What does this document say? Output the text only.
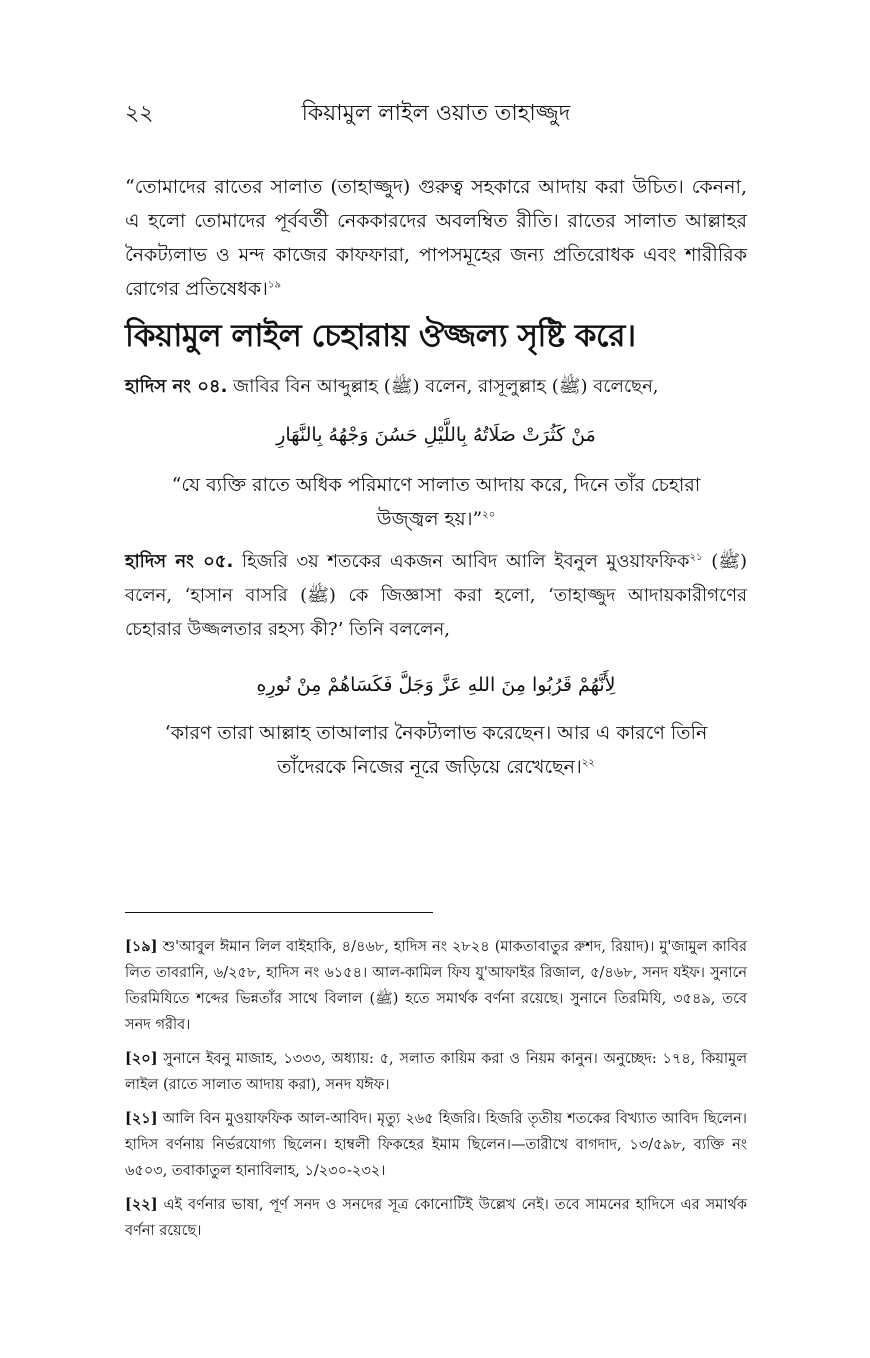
২২	কিয়ামুল লাইল ওয়াত তাহাজ্জুদ

“তোমাদের রাতের সালাত (তাহাজ্জুদ) গুরুত্ব সহকারে আদায় করা উচিত। কেননা, এ হলো তোমাদের পূর্ববর্তী নেককারদের অবলম্বিত রীতি। রাতের সালাত আল্লাহর নৈকট্যলাভ ও মন্দ কাজের কাফফারা, পাপসমূহের জন্য প্রতিরোধক এবং শারীরিক রোগের প্রতিষেধক।$^{১৯}$

কিয়ামুল লাইল চেহারায় ঔজ্জল্য সৃষ্টি করে।

হাদিস নং ০৪. জাবির বিন আব্দুল্লাহ (ﷺ) বলেন, রাসূলুল্লাহ (ﷺ) বলেছেন,

مَنْ كَثُرَتْ صَلَاتُهُ بِاللَّيْلِ حَسُنَ وَجْهُهُ بِالنَّهَارِ

“যে ব্যক্তি রাতে অধিক পরিমাণে সালাত আদায় করে, দিনে তাঁর চেহারা উজ্জ্বল হয়।”$^{২০}$

হাদিস নং ০৫. হিজরি ৩য় শতকের একজন আবিদ আলি ইবনুল মুওয়াফফিক$^{২১}$ (ﷺ) বলেন, ‘হাসান বাসরি (ﷺ) কে জিজ্ঞাসা করা হলো, ‘তাহাজ্জুদ আদায়কারীগণের চেহারার উজ্জলতার রহস্য কী?’ তিনি বললেন,

لِأَنَّهُمْ قَرُبُوا مِنَ اللهِ عَزَّ وَجَلَّ فَكَسَاهُمْ مِنْ نُورِهِ

‘কারণ তারা আল্লাহ তাআলার নৈকট্যলাভ করেছেন। আর এ কারণে তিনি তাঁদেরকে নিজের নূরে জড়িয়ে রেখেছেন।$^{২২}$

[১৯] শু'আবুল ঈমান লিল বাইহাকি, ৪/৪৬৮, হাদিস নং ২৮২৪ (মাকতাবাতুর রুশদ, রিয়াদ)। মু'জামুল কাবির লিত তাবরানি, ৬/২৫৮, হাদিস নং ৬১৫৪। আল-কামিল ফিয যু'আফাইর রিজাল, ৫/৪৬৮, সনদ যইফ। সুনানে তিরমিযিতে শব্দের ভিন্নতাঁর সাথে বিলাল (ﷺ) হতে সমার্থক বর্ণনা রয়েছে। সুনানে তিরমিযি, ৩৫৪৯, তবে সনদ গরীব।

[২০] সুনানে ইবনু মাজাহ, ১৩৩৩, অধ্যায়: ৫, সলাত কায়িম করা ও নিয়ম কানুন। অনুচ্ছেদ: ১৭৪, কিয়ামুল লাইল (রাতে সালাত আদায় করা), সনদ যঈফ।

[২১] আলি বিন মুওয়াফফিক আল-আবিদ। মৃত্যু ২৬৫ হিজরি। হিজরি তৃতীয় শতকের বিখ্যাত আবিদ ছিলেন। হাদিস বর্ণনায় নির্ভরযোগ্য ছিলেন। হাম্বলী ফিকহের ইমাম ছিলেন।—তারীখে বাগদাদ, ১৩/৫৯৮, ব্যক্তি নং ৬৫০৩, তবাকাতুল হানাবিলাহ, ১/২৩০-২৩২।

[২২] এই বর্ণনার ভাষা, পূর্ণ সনদ ও সনদের সূত্র কোনোটিই উল্লেখ নেই। তবে সামনের হাদিসে এর সমার্থক বর্ণনা রয়েছে।
